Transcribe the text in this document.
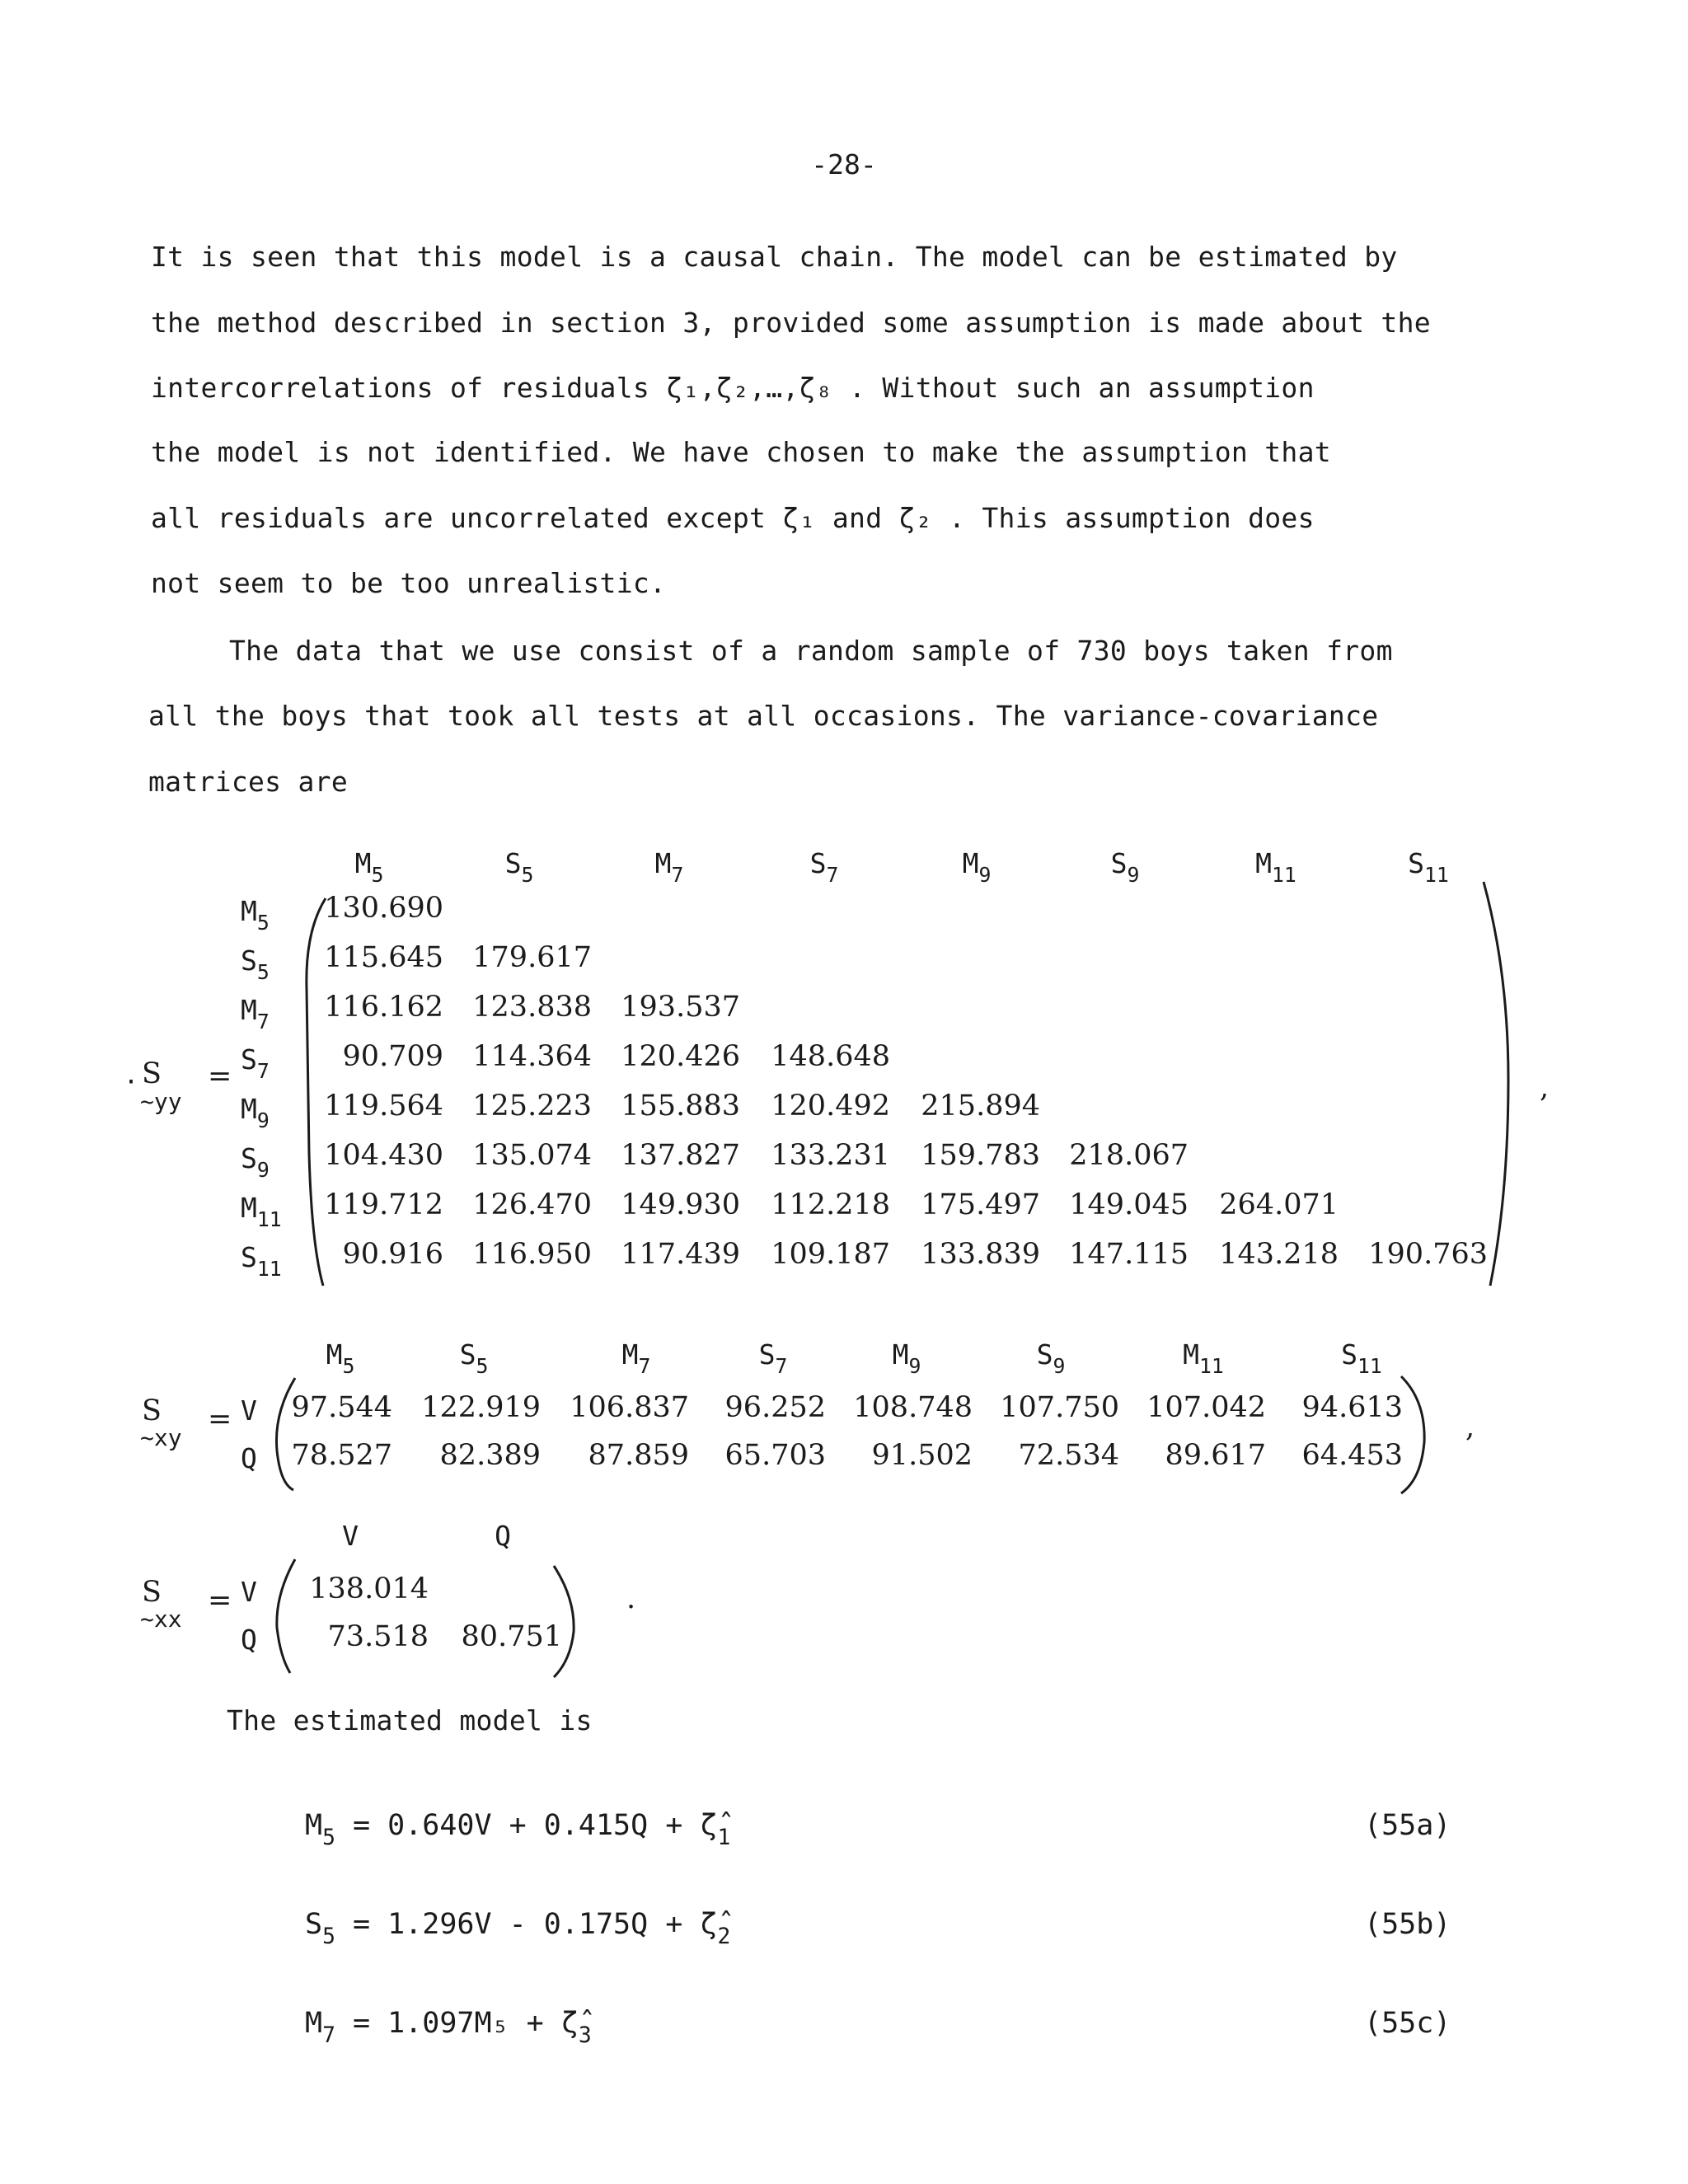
-28-
It is seen that this model is a causal chain. The model can be estimated by
the method described in section 3, provided some assumption is made about the
intercorrelations of residuals ζ₁,ζ₂,…,ζ₈ . Without such an assumption
the model is not identified. We have chosen to make the assumption that
all residuals are uncorrelated except ζ₁ and ζ₂ . This assumption does
not seem to be too unrealistic.
The data that we use consist of a random sample of 730 boys taken from
all the boys that took all tests at all occasions. The variance-covariance
matrices are
S
·
~yy
=
$M_5$	$S_5$	$M_7$	$S_7$	$M_9$	$S_9$	$M_{11}$	$S_{11}$
$M_5$
$S_5$
$M_7$
$S_7$
$M_9$
$S_9$
$M_{11}$
$S_{11}$
130.690
115.645	179.617
116.162	123.838	193.537
90.709	114.364	120.426	148.648
119.564	125.223	155.883	120.492	215.894
104.430	135.074	137.827	133.231	159.783	218.067
119.712	126.470	149.930	112.218	175.497	149.045	264.071
90.916	116.950	117.439	109.187	133.839	147.115	143.218	190.763
,
S
~xy
=
$M_5$	$S_5$	$M_7$	$S_7$	$M_9$	$S_9$	$M_{11}$	$S_{11}$
V
Q
97.544	122.919	106.837	96.252 108.748 107.750 107.042	94.613
78.527	82.389	87.859	65.703	91.502	72.534	89.617	64.453
,
S
~xx
=
V	Q
V
Q
138.014
73.518	80.751
.
The estimated model is
$M_5 = 0.640V + 0.415Q$ + $\zetâ_1$	(55a)
$S_5 = 1.296V - 0.175Q$ + $\zetâ_2$	(55b)
$M_7 = 1.097M_5$ + $\zetâ_3$	(55c)
